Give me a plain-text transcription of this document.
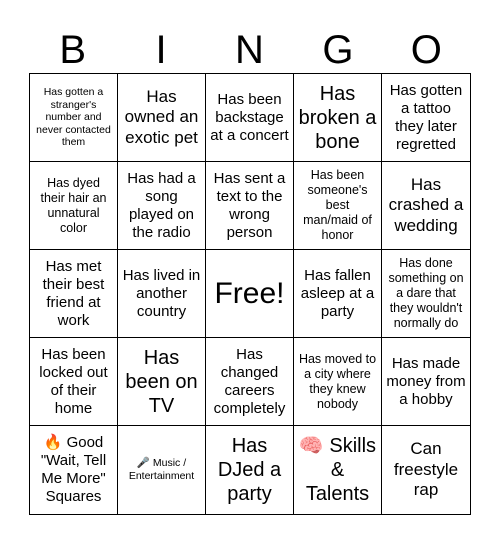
B	I	N	G	O
Has gotten a stranger's number and never contacted them
Has owned an exotic pet
Has been backstage at a concert
Has broken a bone
Has gotten a tattoo they later regretted
Has dyed their hair an unnatural color
Has had a song played on the radio
Has sent a text to the wrong person
Has been someone's best man/maid of honor
Has crashed a wedding
Has met their best friend at work
Has lived in another country
Free!
Has fallen asleep at a party
Has done something on a dare that they wouldn't normally do
Has been locked out of their home
Has been on TV
Has changed careers completely
Has moved to a city where they knew nobody
Has made money from a hobby
🔥 Good "Wait, Tell Me More" Squares
🎤 Music / Entertainment
Has DJed a party
🧠 Skills & Talents
Can freestyle rap
